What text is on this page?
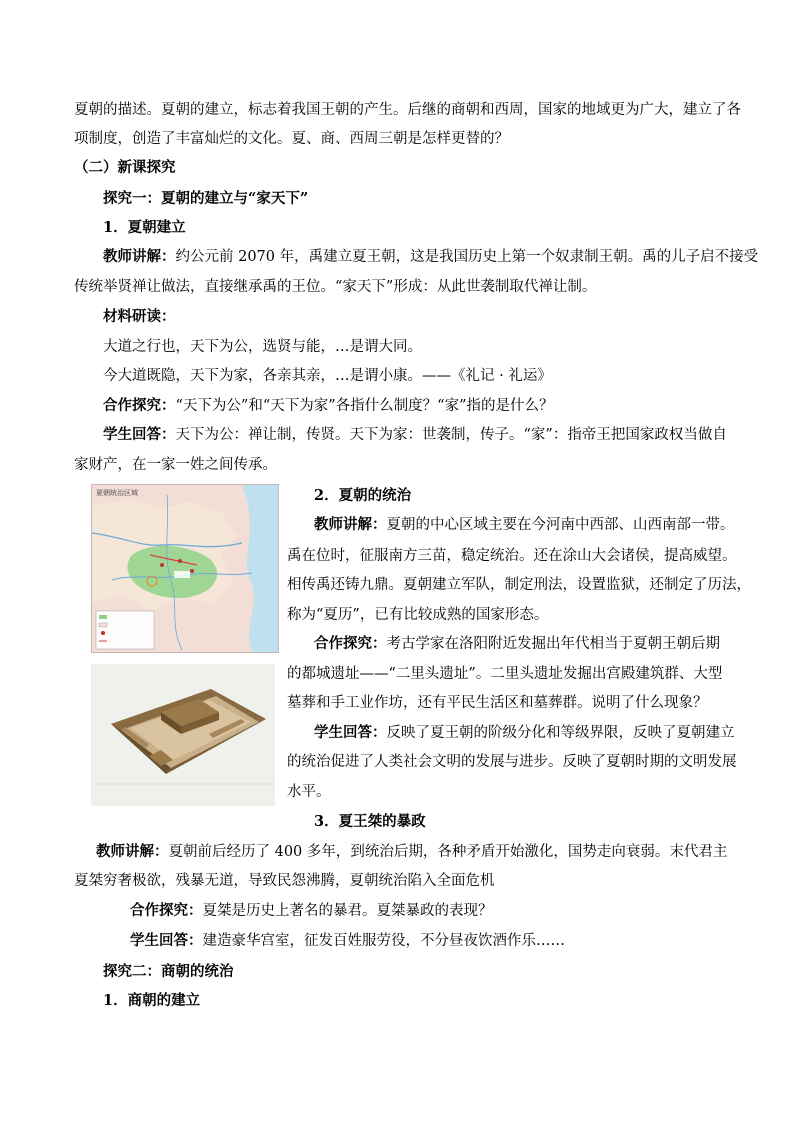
夏朝的描述。夏朝的建立，标志着我国王朝的产生。后继的商朝和西周，国家的地域更为广大，建立了各
项制度，创造了丰富灿烂的文化。夏、商、西周三朝是怎样更替的？
（二）新课探究
探究一：夏朝的建立与“家天下”
1．夏朝建立
教师讲解：约公元前 2070 年，禹建立夏王朝，这是我国历史上第一个奴隶制王朝。禹的儿子启不接受
传统举贤禅让做法，直接继承禹的王位。“家天下”形成：从此世袭制取代禅让制。
材料研读：
大道之行也，天下为公，选贤与能，…是谓大同。
今大道既隐，天下为家，各亲其亲，…是谓小康。——《礼记 · 礼运》
合作探究：“天下为公”和“天下为家”各指什么制度？“家”指的是什么？
学生回答：天下为公：禅让制，传贤。天下为家：世袭制，传子。“家”：指帝王把国家政权当做自
家财产，在一家一姓之间传承。
夏朝统治区域	2．夏朝的统治
教师讲解：夏朝的中心区域主要在今河南中西部、山西南部一带。
禹在位时，征服南方三苗，稳定统治。还在涂山大会诸侯，提高威望。
相传禹还铸九鼎。夏朝建立军队，制定刑法，设置监狱，还制定了历法，
称为“夏历”，已有比较成熟的国家形态。
合作探究：考古学家在洛阳附近发掘出年代相当于夏朝王朝后期
的都城遗址——“二里头遗址”。二里头遗址发掘出宫殿建筑群、大型
墓葬和手工业作坊，还有平民生活区和墓葬群。说明了什么现象？
学生回答：反映了夏王朝的阶级分化和等级界限，反映了夏朝建立
的统治促进了人类社会文明的发展与进步。反映了夏朝时期的文明发展
水平。
3．夏王桀的暴政
教师讲解：夏朝前后经历了 400 多年，到统治后期，各种矛盾开始激化，国势走向衰弱。末代君主
夏桀穷奢极欲，残暴无道，导致民怨沸腾，夏朝统治陷入全面危机
合作探究：夏桀是历史上著名的暴君。夏桀暴政的表现？
学生回答：建造豪华宫室，征发百姓服劳役，不分昼夜饮酒作乐……
探究二：商朝的统治
1．商朝的建立
